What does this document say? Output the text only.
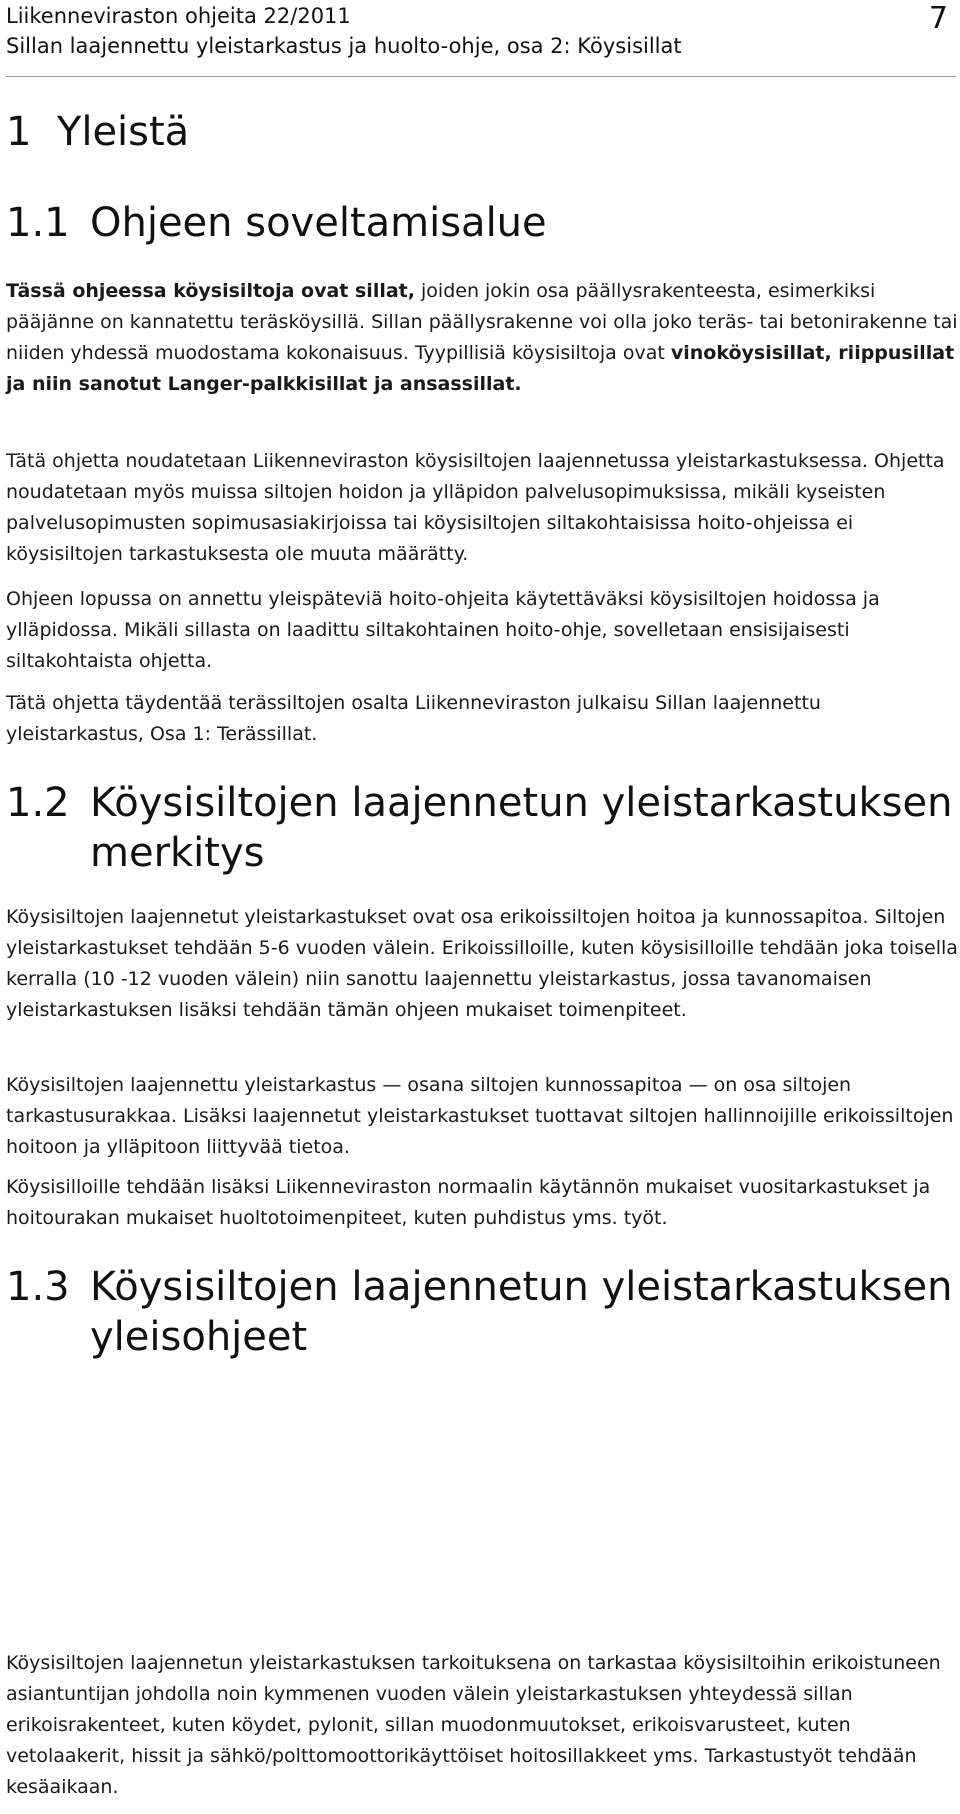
Liikenneviraston ohjeita 22/2011
Sillan laajennettu yleistarkastus ja huolto-ohje, osa 2: Köysisillat
7
1 Yleistä
1.1 Ohjeen soveltamisalue

Tässä ohjeessa köysisiltoja ovat sillat, joiden jokin osa päällysrakenteesta, esimerkiksi pääjänne on kannatettu teräsköysillä. Sillan päällysrakenne voi olla joko teräs- tai betonirakenne tai niiden yhdessä muodostama kokonaisuus. Tyypillisiä köysisiltoja ovat vinoköysisillat, riippusillat ja niin sanotut Langer-palkkisillat ja ansassillat.

Tätä ohjetta noudatetaan Liikenneviraston köysisiltojen laajennetussa yleistarkastuksessa. Ohjetta noudatetaan myös muissa siltojen hoidon ja ylläpidon palvelusopimuksissa, mikäli kyseisten palvelusopimusten sopimusasiakirjoissa tai köysisiltojen siltakohtaisissa hoito-ohjeissa ei köysisiltojen tarkastuksesta ole muuta määrätty.

Ohjeen lopussa on annettu yleispäteviä hoito-ohjeita käytettäväksi köysisiltojen hoidossa ja ylläpidossa. Mikäli sillasta on laadittu siltakohtainen hoito-ohje, sovelletaan ensisijaisesti siltakohtaista ohjetta.

Tätä ohjetta täydentää terässiltojen osalta Liikenneviraston julkaisu Sillan laajennettu yleistarkastus, Osa 1: Terässillat.

1.2 Köysisiltojen laajennetun yleistarkastuksen
merkitys

Köysisiltojen laajennetut yleistarkastukset ovat osa erikoissiltojen hoitoa ja kunnossapitoa. Siltojen yleistarkastukset tehdään 5-6 vuoden välein. Erikoissilloille, kuten köysisilloille tehdään joka toisella kerralla (10 -12 vuoden välein) niin sanottu laajennettu yleistarkastus, jossa tavanomaisen yleistarkastuksen lisäksi tehdään tämän ohjeen mukaiset toimenpiteet.

Köysisiltojen laajennettu yleistarkastus — osana siltojen kunnossapitoa — on osa siltojen tarkastusurakkaa. Lisäksi laajennetut yleistarkastukset tuottavat siltojen hallinnoijille erikoissiltojen hoitoon ja ylläpitoon liittyvää tietoa.

Köysisilloille tehdään lisäksi Liikenneviraston normaalin käytännön mukaiset vuositarkastukset ja hoitourakan mukaiset huoltotoimenpiteet, kuten puhdistus yms. työt.

1.3 Köysisiltojen laajennetun yleistarkastuksen
yleisohjeet

Köysisiltojen laajennetun yleistarkastuksen tarkoituksena on tarkastaa köysisiltoihin erikoistuneen asiantuntijan johdolla noin kymmenen vuoden välein yleistarkastuksen yhteydessä sillan erikoisrakenteet, kuten köydet, pylonit, sillan muodonmuutokset, erikoisvarusteet, kuten vetolaakerit, hissit ja sähkö/polttomoottorikäyttöiset hoitosillakkeet yms. Tarkastustyöt tehdään kesäaikaan.
